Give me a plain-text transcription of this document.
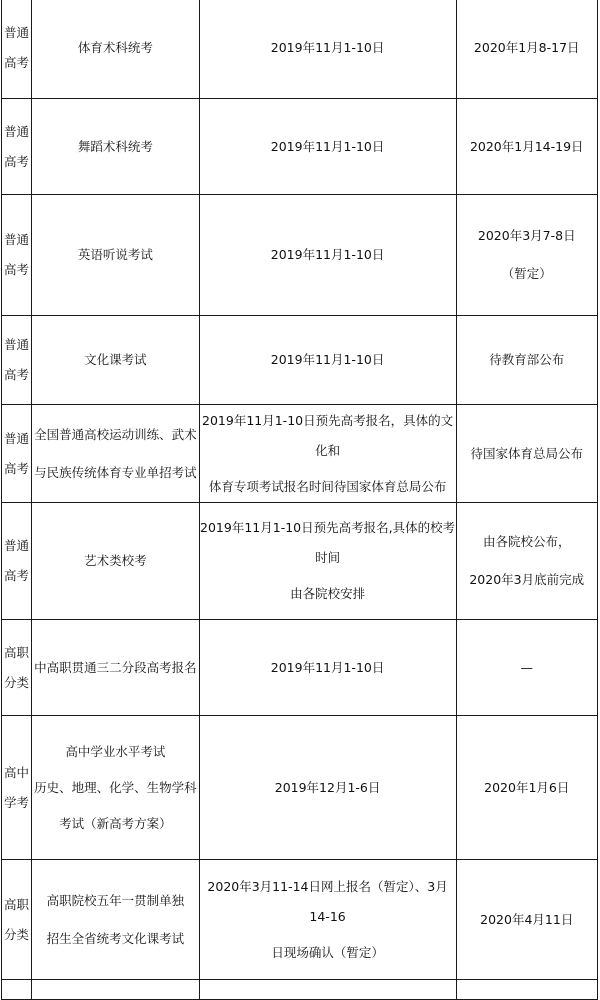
普通
高考	体育术科统考	2019年11月1-10日	2020年1月8-17日

普通
高考	舞蹈术科统考	2019年11月1-10日	2020年1月14-19日

普通
高考	英语听说考试	2019年11月1-10日	2020年3月7-8日
（暂定）

普通
高考	文化课考试	2019年11月1-10日	待教育部公布

普通
高考	全国普通高校运动训练、武术
与民族传统体育专业单招考试	2019年11月1-10日预先高考报名，具体的文化和
体育专项考试报名时间待国家体育总局公布	待国家体育总局公布

普通
高考	艺术类校考	2019年11月1-10日预先高考报名,具体的校考时间
由各院校安排	由各院校公布，
2020年3月底前完成

高职
分类	中高职贯通三二分段高考报名	2019年11月1-10日	—

高中
学考	高中学业水平考试
历史、地理、化学、生物学科
考试（新高考方案）	2019年12月1-6日	2020年1月6日

高职
分类	高职院校五年一贯制单独
招生全省统考文化课考试	2020年3月11-14日网上报名（暂定）、3月14-16
日现场确认（暂定）	2020年4月11日
